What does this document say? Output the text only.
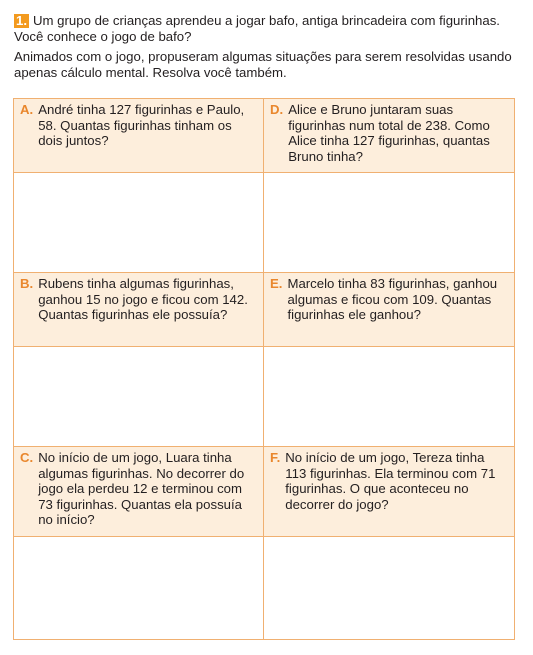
1. Um grupo de crianças aprendeu a jogar bafo, antiga brincadeira com figurinhas. Você conhece o jogo de bafo?

Animados com o jogo, propuseram algumas situações para serem resolvidas usando apenas cálculo mental. Resolva você também.

A. André tinha 127 figurinhas e Paulo, 58. Quantas figurinhas tinham os dois juntos?	D. Alice e Bruno juntaram suas figurinhas num total de 238. Como Alice tinha 127 figurinhas, quantas Bruno tinha?

B. Rubens tinha algumas figurinhas, ganhou 15 no jogo e ficou com 142. Quantas figurinhas ele possuía?	E. Marcelo tinha 83 figurinhas, ganhou algumas e ficou com 109. Quantas figurinhas ele ganhou?

C. No início de um jogo, Luara tinha algumas figurinhas. No decorrer do jogo ela perdeu 12 e terminou com 73 figurinhas. Quantas ela possuía no início?	F. No início de um jogo, Tereza tinha 113 figurinhas. Ela terminou com 71 figurinhas. O que aconteceu no decorrer do jogo?
